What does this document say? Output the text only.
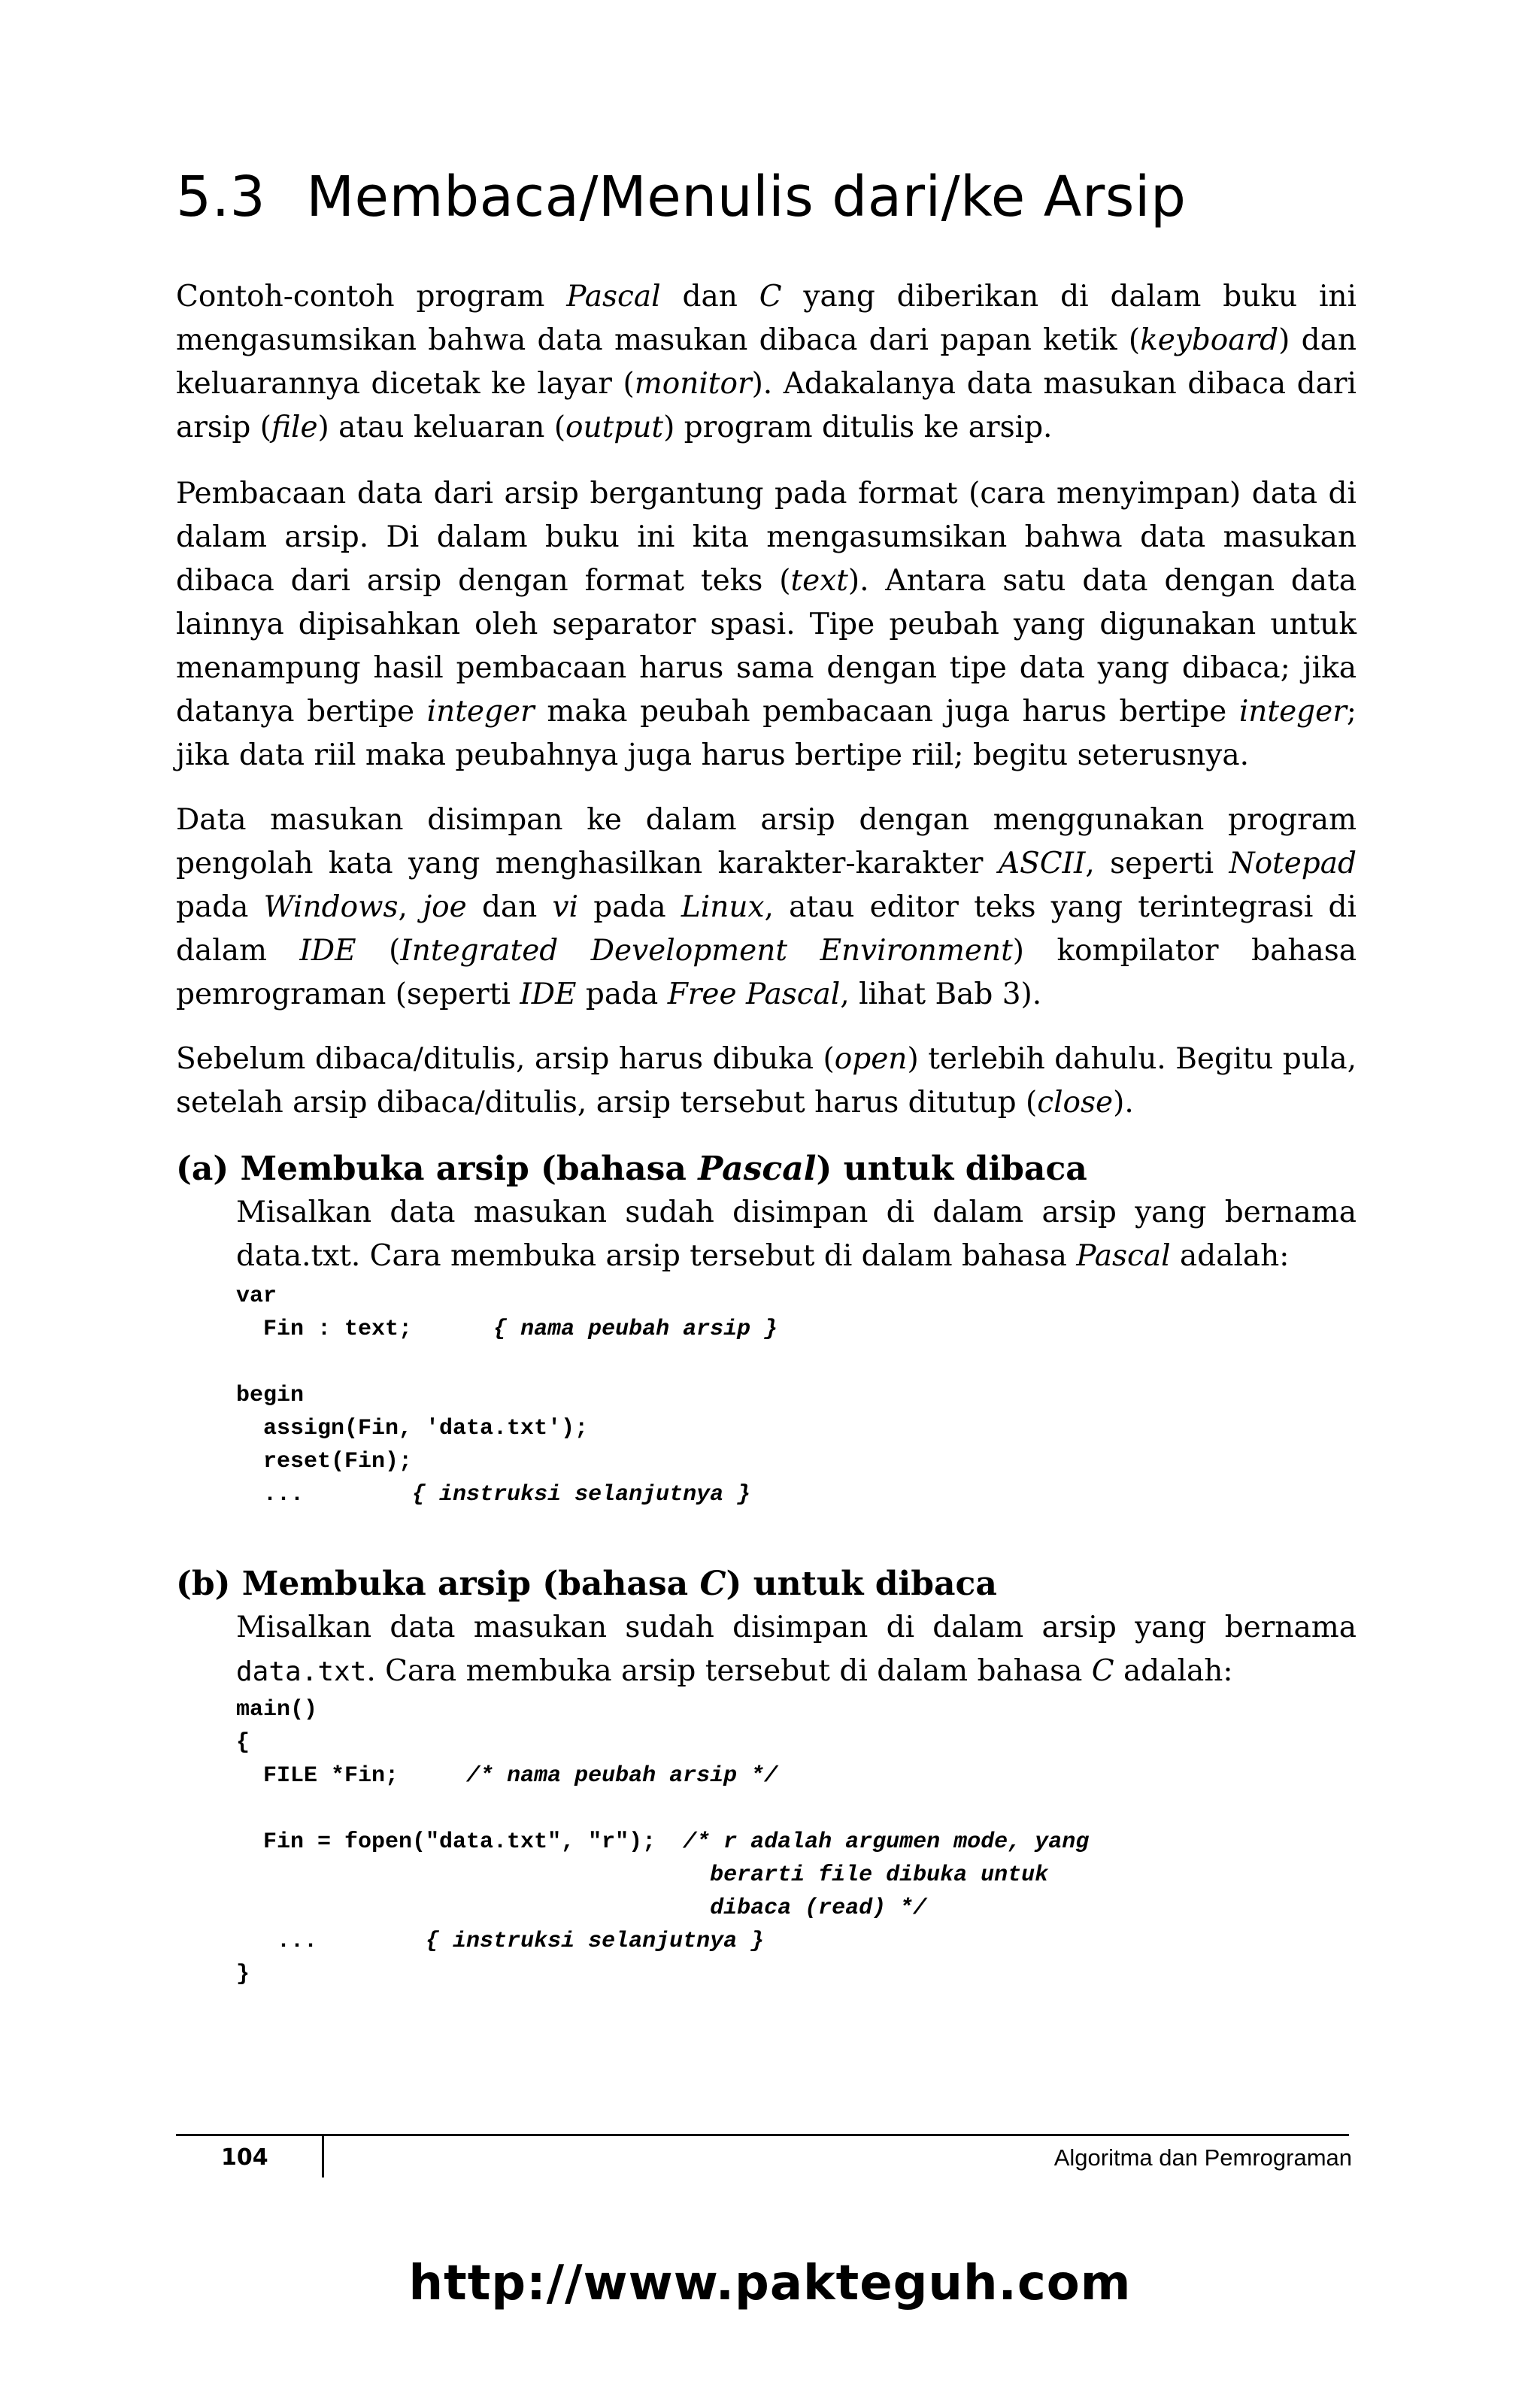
5.3 Membaca/Menulis dari/ke Arsip

Contoh-contoh program Pascal dan C yang diberikan di dalam buku ini mengasumsikan bahwa data masukan dibaca dari papan ketik (keyboard) dan keluarannya dicetak ke layar (monitor). Adakalanya data masukan dibaca dari arsip (file) atau keluaran (output) program ditulis ke arsip.

Pembacaan data dari arsip bergantung pada format (cara menyimpan) data di dalam arsip. Di dalam buku ini kita mengasumsikan bahwa data masukan dibaca dari arsip dengan format teks (text). Antara satu data dengan data lainnya dipisahkan oleh separator spasi. Tipe peubah yang digunakan untuk menampung hasil pembacaan harus sama dengan tipe data yang dibaca; jika datanya bertipe integer maka peubah pembacaan juga harus bertipe integer; jika data riil maka peubahnya juga harus bertipe riil; begitu seterusnya.

Data masukan disimpan ke dalam arsip dengan menggunakan program pengolah kata yang menghasilkan karakter-karakter ASCII, seperti Notepad pada Windows, joe dan vi pada Linux, atau editor teks yang terintegrasi di dalam IDE (Integrated Development Environment) kompilator bahasa pemrograman (seperti IDE pada Free Pascal, lihat Bab 3).

Sebelum dibaca/ditulis, arsip harus dibuka (open) terlebih dahulu. Begitu pula, setelah arsip dibaca/ditulis, arsip tersebut harus ditutup (close).

(a) Membuka arsip (bahasa Pascal) untuk dibaca

Misalkan data masukan sudah disimpan di dalam arsip yang bernama data.txt. Cara membuka arsip tersebut di dalam bahasa Pascal adalah:

var
Fin : text;      { nama peubah arsip }

begin
assign(Fin, 'data.txt');
reset(Fin);
...        { instruksi selanjutnya }
(b) Membuka arsip (bahasa C) untuk dibaca

Misalkan data masukan sudah disimpan di dalam arsip yang bernama data.txt. Cara membuka arsip tersebut di dalam bahasa C adalah:

main()
{
FILE *Fin;     /* nama peubah arsip */

Fin = fopen("data.txt", "r");  /* r adalah argumen mode, yang
berarti file dibuka untuk
dibaca (read) */
...        { instruksi selanjutnya }
}
104	Algoritma dan Pemrograman
http://www.pakteguh.com
